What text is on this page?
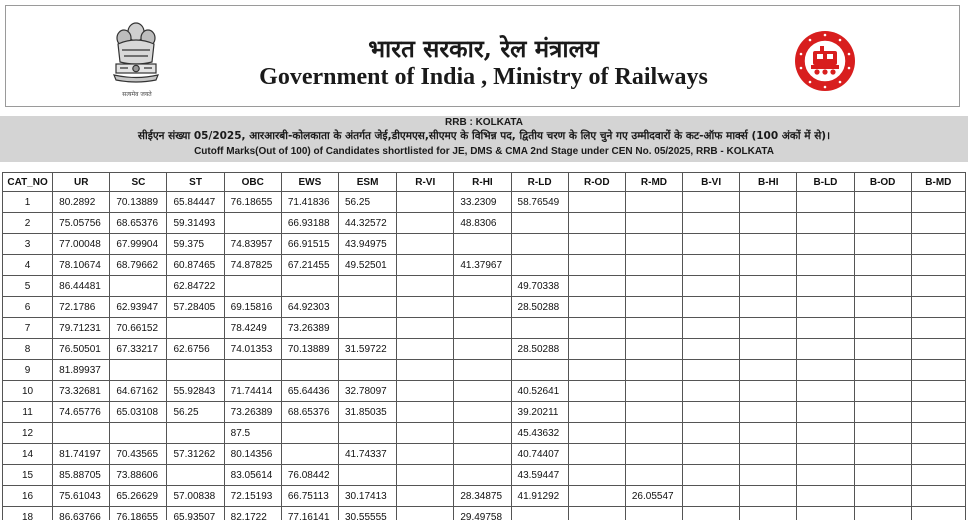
सत्यमेव जयते
भारत सरकार, रेल मंत्रालय
Government of India , Ministry of Railways
RRB : KOLKATA
सीईएन संख्या 05/2025, आरआरबी-कोलकाता के अंतर्गत जेई,डीएमएस,सीएमए के विभिन्न पद, द्वितीय चरण के लिए चुने गए उम्मीदवारों के कट-ऑफ मार्क्स (100 अंकों में से)।
Cutoff Marks(Out of 100) of Candidates shortlisted for JE, DMS & CMA 2nd Stage under CEN No. 05/2025, RRB - KOLKATA
CAT_NO	UR	SC	ST	OBC	EWS	ESM	R-VI	R-HI	R-LD	R-OD	R-MD	B-VI	B-HI	B-LD	B-OD	B-MD
1	80.2892	70.13889	65.84447	76.18655	71.41836	56.25		33.2309	58.76549							
2	75.05756	68.65376	59.31493		66.93188	44.32572		48.8306								
3	77.00048	67.99904	59.375	74.83957	66.91515	43.94975										
4	78.10674	68.79662	60.87465	74.87825	67.21455	49.52501		41.37967								
5	86.44481		62.84722						49.70338							
6	72.1786	62.93947	57.28405	69.15816	64.92303				28.50288							
7	79.71231	70.66152		78.4249	73.26389											
8	76.50501	67.33217	62.6756	74.01353	70.13889	31.59722			28.50288							
9	81.89937															
10	73.32681	64.67162	55.92843	71.74414	65.64436	32.78097			40.52641							
11	74.65776	65.03108	56.25	73.26389	68.65376	31.85035			39.20211							
12				87.5					45.43632							
14	81.74197	70.43565	57.31262	80.14356		41.74337			40.74407							
15	85.88705	73.88606		83.05614	76.08442				43.59447							
16	75.61043	65.26629	57.00838	72.15193	66.75113	30.17413		28.34875	41.91292		26.05547					
18	86.63766	76.18655	65.93507	82.1722	77.16141	30.55555		29.49758								
